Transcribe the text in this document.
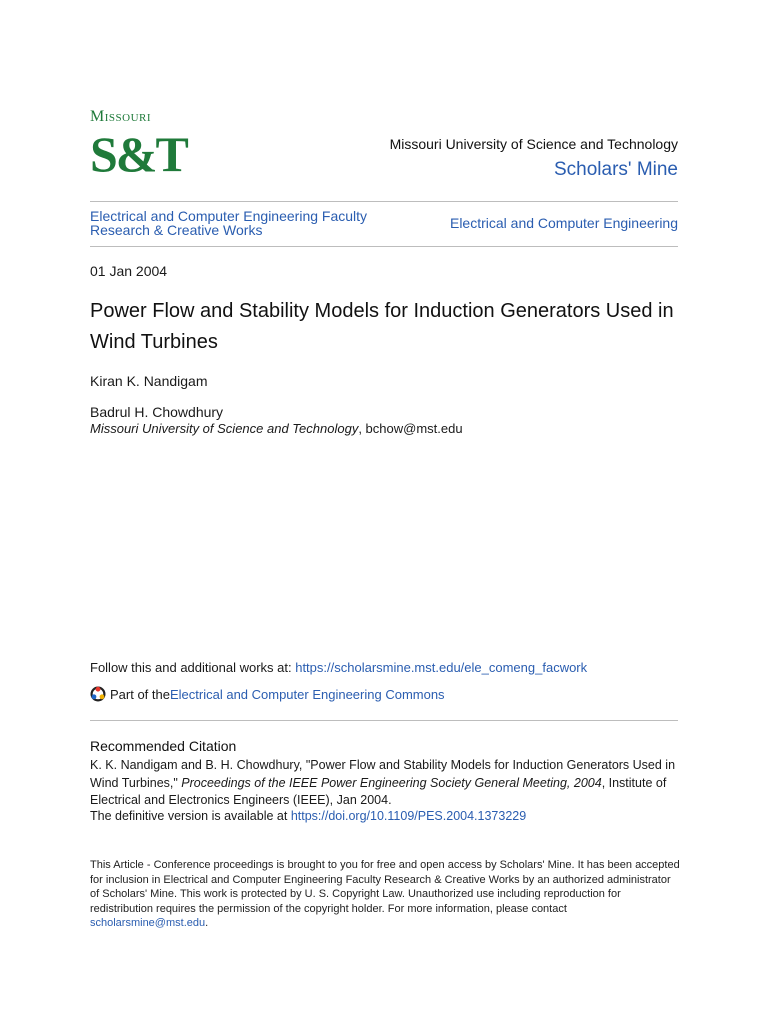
Missouri
S&T	Missouri University of Science and Technology
Scholars' Mine
Electrical and Computer Engineering Faculty Research & Creative Works	Electrical and Computer Engineering
01 Jan 2004
Power Flow and Stability Models for Induction Generators Used in Wind Turbines
Kiran K. Nandigam
Badrul H. Chowdhury
Missouri University of Science and Technology, bchow@mst.edu
Follow this and additional works at: https://scholarsmine.mst.edu/ele_comeng_facwork
Part of the Electrical and Computer Engineering Commons
Recommended Citation
K. K. Nandigam and B. H. Chowdhury, "Power Flow and Stability Models for Induction Generators Used in Wind Turbines," Proceedings of the IEEE Power Engineering Society General Meeting, 2004, Institute of Electrical and Electronics Engineers (IEEE), Jan 2004.
The definitive version is available at https://doi.org/10.1109/PES.2004.1373229
This Article - Conference proceedings is brought to you for free and open access by Scholars' Mine. It has been accepted for inclusion in Electrical and Computer Engineering Faculty Research & Creative Works by an authorized administrator of Scholars' Mine. This work is protected by U. S. Copyright Law. Unauthorized use including reproduction for redistribution requires the permission of the copyright holder. For more information, please contact scholarsmine@mst.edu.
